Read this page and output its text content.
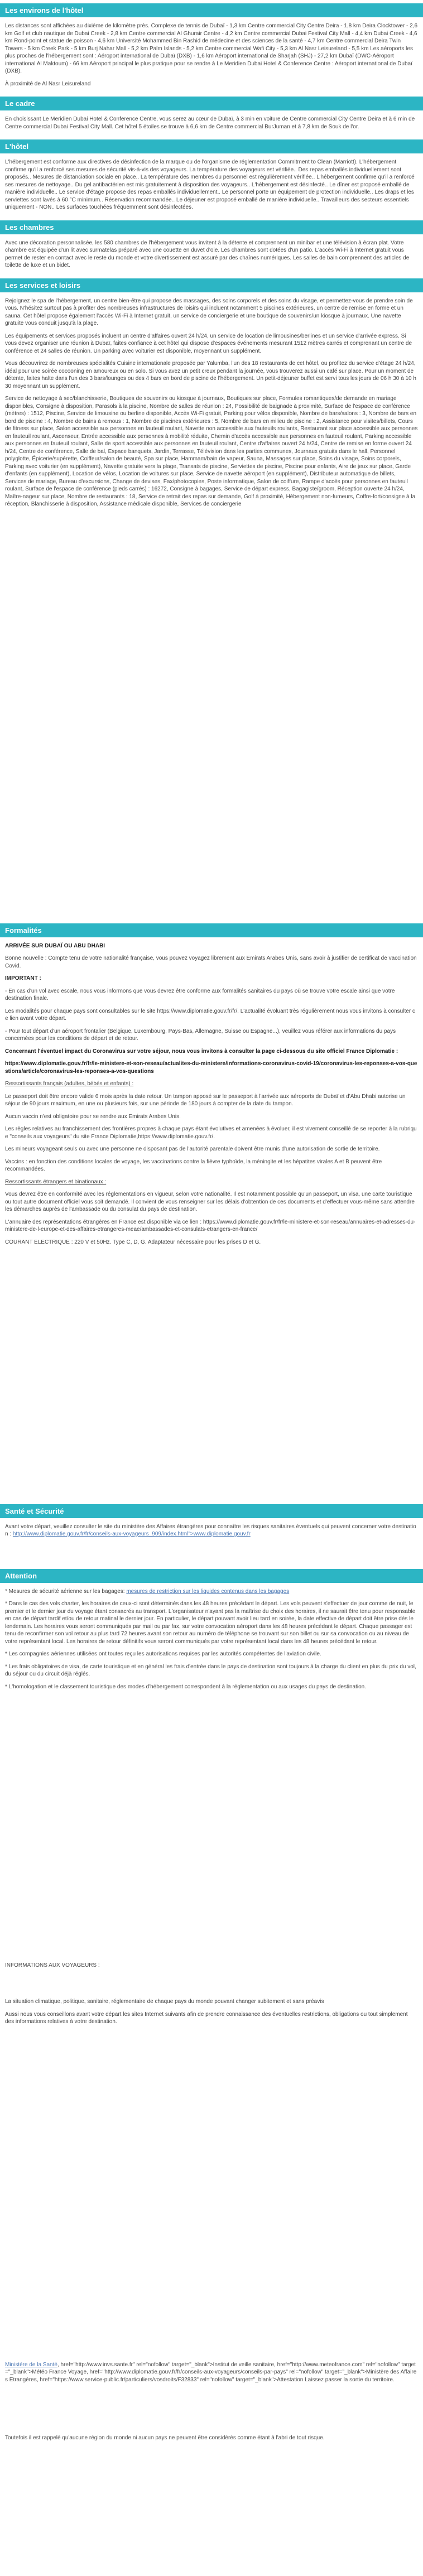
Les environs de l'hôtel

Les distances sont affichées au dixième de kilomètre près. Complexe de tennis de Dubaï - 1,3 km Centre commercial City Centre Deira - 1,8 km Deira Clocktower - 2,6 km Golf et club nautique de Dubai Creek - 2,8 km Centre commercial Al Ghurair Centre - 4,2 km Centre commercial Dubai Festival City Mall - 4,4 km Dubai Creek - 4,6 km Rond-point et statue de poisson - 4,6 km Université Mohammed Bin Rashid de médecine et des sciences de la santé - 4,7 km Centre commercial Deira Twin Towers - 5 km Creek Park - 5 km Burj Nahar Mall - 5,2 km Palm Islands - 5,2 km Centre commercial Wafi City - 5,3 km Al Nasr Leisureland - 5,5 km Les aéroports les plus proches de l'hébergement sont : Aéroport international de Dubaï (DXB) - 1,6 km Aéroport international de Sharjah (SHJ) - 27,2 km Dubaï (DWC-Aéroport international Al Maktoum) - 66 km Aéroport principal le plus pratique pour se rendre à Le Meridien Dubai Hotel & Conference Centre : Aéroport international de Dubaï (DXB).

À proximité de Al Nasr Leisureland

Le cadre

En choisissant Le Meridien Dubai Hotel & Conference Centre, vous serez au cœur de Dubaï, à 3 min en voiture de Centre commercial City Centre Deira et à 6 min de Centre commercial Dubai Festival City Mall. Cet hôtel 5 étoiles se trouve à 6,6 km de Centre commercial BurJuman et à 7,8 km de Souk de l'or.

L'hôtel

L'hébergement est conforme aux directives de désinfection de la marque ou de l'organisme de réglementation Commitment to Clean (Marriott). L'hébergement confirme qu'il a renforcé ses mesures de sécurité vis-à-vis des voyageurs. La température des voyageurs est vérifiée.. Des repas emballés individuellement sont proposés.. Mesures de distanciation sociale en place.. La température des membres du personnel est régulièrement vérifiée.. L'hébergement confirme qu'il a renforcé ses mesures de nettoyage.. Du gel antibactérien est mis gratuitement à disposition des voyageurs.. L'hébergement est désinfecté.. Le dîner est proposé emballé de manière individuelle.. Le service d'étage propose des repas emballés individuellement.. Le personnel porte un équipement de protection individuelle.. Les draps et les serviettes sont lavés à 60 °C minimum.. Réservation recommandée.. Le déjeuner est proposé emballé de manière individuelle.. Travailleurs des secteurs essentiels uniquement - NON.. Les surfaces touchées fréquemment sont désinfectées.

Les chambres

Avec une décoration personnalisée, les 580 chambres de l'hébergement vous invitent à la détente et comprennent un minibar et une télévision à écran plat. Votre chambre est équipée d'un lit avec surmatelas préparé avec une couette en duvet d'oie. Les chambres sont dotées d'un patio. L'accès Wi-Fi à Internet gratuit vous permet de rester en contact avec le reste du monde et votre divertissement est assuré par des chaînes numériques. Les salles de bain comprennent des articles de toilette de luxe et un bidet.

Les services et loisirs

Rejoignez le spa de l'hébergement, un centre bien-être qui propose des massages, des soins corporels et des soins du visage, et permettez-vous de prendre soin de vous. N'hésitez surtout pas à profiter des nombreuses infrastructures de loisirs qui incluent notamment 5 piscines extérieures, un centre de remise en forme et un sauna. Cet hôtel propose également l'accès Wi-Fi à Internet gratuit, un service de conciergerie et une boutique de souvenirs/un kiosque à journaux. Une navette gratuite vous conduit jusqu'à la plage.

Les équipements et services proposés incluent un centre d'affaires ouvert 24 h/24, un service de location de limousines/berlines et un service d'arrivée express. Si vous devez organiser une réunion à Dubaï, faites confiance à cet hôtel qui dispose d'espaces événements mesurant 1512 mètres carrés et comprenant un centre de conférence et 24 salles de réunion. Un parking avec voiturier est disponible, moyennant un supplément.

Vous découvrirez de nombreuses spécialités Cuisine internationale proposée par Yalumba, l'un des 18 restaurants de cet hôtel, ou profitez du service d'étage 24 h/24, idéal pour une soirée cocooning en amoureux ou en solo. Si vous avez un petit creux pendant la journée, vous trouverez aussi un café sur place. Pour un moment de détente, faites halte dans l'un des 3 bars/lounges ou des 4 bars en bord de piscine de l'hébergement. Un petit-déjeuner buffet est servi tous les jours de 06 h 30 à 10 h 30 moyennant un supplément.

Service de nettoyage à sec/blanchisserie, Boutiques de souvenirs ou kiosque à journaux, Boutiques sur place, Formules romantiques/de demande en mariage disponibles, Consigne à disposition, Parasols à la piscine, Nombre de salles de réunion : 24, Possibilité de baignade à proximité, Surface de l'espace de conférence (mètres) : 1512, Piscine, Service de limousine ou berline disponible, Accès Wi-Fi gratuit, Parking pour vélos disponible, Nombre de bars/salons : 3, Nombre de bars en bord de piscine : 4, Nombre de bains à remous : 1, Nombre de piscines extérieures : 5, Nombre de bars en milieu de piscine : 2, Assistance pour visites/billets, Cours de fitness sur place, Salon accessible aux personnes en fauteuil roulant, Navette non accessible aux fauteuils roulants, Restaurant sur place accessible aux personnes en fauteuil roulant, Ascenseur, Entrée accessible aux personnes à mobilité réduite, Chemin d'accès accessible aux personnes en fauteuil roulant, Parking accessible aux personnes en fauteuil roulant, Salle de sport accessible aux personnes en fauteuil roulant, Centre d'affaires ouvert 24 h/24, Centre de remise en forme ouvert 24 h/24, Centre de conférence, Salle de bal, Espace banquets, Jardin, Terrasse, Télévision dans les parties communes, Journaux gratuits dans le hall, Personnel polyglotte, Épicerie/supérette, Coiffeur/salon de beauté, Spa sur place, Hammam/bain de vapeur, Sauna, Massages sur place, Soins du visage, Soins corporels, Parking avec voiturier (en supplément), Navette gratuite vers la plage, Transats de piscine, Serviettes de piscine, Piscine pour enfants, Aire de jeux sur place, Garde d'enfants (en supplément), Location de vélos, Location de voitures sur place, Service de navette aéroport (en supplément), Distributeur automatique de billets, Services de mariage, Bureau d'excursions, Change de devises, Fax/photocopies, Poste informatique, Salon de coiffure, Rampe d'accès pour personnes en fauteuil roulant, Surface de l'espace de conférence (pieds carrés) : 16272, Consigne à bagages, Service de départ express, Bagagiste/groom, Réception ouverte 24 h/24, Maître-nageur sur place, Nombre de restaurants : 18, Service de retrait des repas sur demande, Golf à proximité, Hébergement non-fumeurs, Coffre-fort/consigne à la réception, Blanchisserie à disposition, Assistance médicale disponible, Services de conciergerie

Formalités

ARRIVÉE SUR DUBAÏ OU ABU DHABI

Bonne nouvelle : Compte tenu de votre nationalité française, vous pouvez voyagez librement aux Emirats Arabes Unis, sans avoir à justifier de certificat de vaccination Covid.

IMPORTANT :

- En cas d'un vol avec escale, nous vous informons que vous devrez être conforme aux formalités sanitaires du pays où se trouve votre escale ainsi que votre destination finale.

Les modalités pour chaque pays sont consultables sur le site https://www.diplomatie.gouv.fr/fr/. L'actualité évoluant très régulièrement nous vous invitons à consulter ce lien avant votre départ.

- Pour tout départ d'un aéroport frontalier (Belgique, Luxembourg, Pays-Bas, Allemagne, Suisse ou Espagne...), veuillez vous référer aux informations du pays concernées pour les conditions de départ et de retour.

Concernant l'éventuel impact du Coronavirus sur votre séjour, nous vous invitons à consulter la page ci-dessous du site officiel France Diplomatie :

https://www.diplomatie.gouv.fr/fr/le-ministere-et-son-reseau/actualites-du-ministere/informations-coronavirus-covid-19/coronavirus-les-reponses-a-vos-questions/article/coronavirus-les-reponses-a-vos-questions

Ressortissants français (adultes, bébés et enfants) :

Le passeport doit être encore valide 6 mois après la date retour. Un tampon apposé sur le passeport à l'arrivée aux aéroports de Dubaï et d'Abu Dhabi autorise un séjour de 90 jours maximum, en une ou plusieurs fois, sur une période de 180 jours à compter de la date du tampon.

Aucun vaccin n'est obligatoire pour se rendre aux Emirats Arabes Unis.

Les règles relatives au franchissement des frontières propres à chaque pays étant évolutives et amenées à évoluer, il est vivement conseillé de se reporter à la rubrique "conseils aux voyageurs" du site France Diplomatie,https://www.diplomatie.gouv.fr/.

Les mineurs voyageant seuls ou avec une personne ne disposant pas de l'autorité parentale doivent être munis d'une autorisation de sortie de territoire.

Vaccins : en fonction des conditions locales de voyage, les vaccinations contre la fièvre typhoïde, la méningite et les hépatites virales A et B peuvent être recommandées.

Ressortissants étrangers et binationaux :

Vous devrez être en conformité avec les réglementations en vigueur, selon votre nationalité. Il est notamment possible qu'un passeport, un visa, une carte touristique ou tout autre document officiel vous soit demandé. Il convient de vous renseigner sur les délais d'obtention de ces documents et d'effectuer vous-même sans attendre les démarches auprès de l'ambassade ou du consulat du pays de destination.

L'annuaire des représentations étrangères en France est disponible via ce lien : https://www.diplomatie.gouv.fr/fr/le-ministere-et-son-reseau/annuaires-et-adresses-du-ministere-de-l-europe-et-des-affaires-etrangeres-meae/ambassades-et-consulats-etrangers-en-france/

COURANT ELECTRIQUE : 220 V et 50Hz. Type C, D, G. Adaptateur nécessaire pour les prises D et G.

Santé et Sécurité

Avant votre départ, veuillez consulter le site du ministère des Affaires étrangères pour connaître les risques sanitaires éventuels qui peuvent concerner votre destination : http://www.diplomatie.gouv.fr/fr/conseils-aux-voyageurs_909/index.html">www.diplomatie.gouv.fr

Attention

* Mesures de sécurité aérienne sur les bagages: mesures de restriction sur les liquides contenus dans les bagages

* Dans le cas des vols charter, les horaires de ceux-ci sont déterminés dans les 48 heures précédant le départ. Les vols peuvent s'effectuer de jour comme de nuit, le premier et le dernier jour du voyage étant consacrés au transport. L'organisateur n'ayant pas la maîtrise du choix des horaires, il ne saurait être tenu pour responsable en cas de départ tardif et/ou de retour matinal le dernier jour. En particulier, le départ pouvant avoir lieu tard en soirée, la date effective de départ doit être prise dès le lendemain. Les horaires vous seront communiqués par mail ou par fax, sur votre convocation aéroport dans les 48 heures précédant le départ. Chaque passager est tenu de reconfirmer son vol retour au plus tard 72 heures avant son retour au numéro de téléphone se trouvant sur son billet ou sur sa convocation ou au niveau de votre représentant local. Les horaires de retour définitifs vous seront communiqués par votre représentant local dans les 48 heures précédant le retour.

* Les compagnies aériennes utilisées ont toutes reçu les autorisations requises par les autorités compétentes de l'aviation civile.

* Les frais obligatoires de visa, de carte touristique et en général les frais d'entrée dans le pays de destination sont toujours à la charge du client en plus du prix du vol, du séjour ou du circuit déjà réglés.

* L'homologation et le classement touristique des modes d'hébergement correspondent à la réglementation ou aux usages du pays de destination.

INFORMATIONS AUX VOYAGEURS :

La situation climatique, politique, sanitaire, réglementaire de chaque pays du monde pouvant changer subitement et sans préavis

Aussi nous vous conseillons avant votre départ les sites Internet suivants afin de prendre connaissance des éventuelles restrictions, obligations ou tout simplement des informations relatives à votre destination.

Ministère de la Santé, href="http://www.invs.sante.fr" rel="nofollow" target="_blank">Institut de veille sanitaire, href="http://www.meteofrance.com" rel="nofollow" target="_blank">Météo France Voyage, href="http://www.diplomatie.gouv.fr/fr/conseils-aux-voyageurs/conseils-par-pays" rel="nofollow" target="_blank">Ministère des Affaires Etrangères, href="https://www.service-public.fr/particuliers/vosdroits/F32833" rel="nofollow" target="_blank">Attestation Laissez passer la sortie du territoire.

Toutefois il est rappelé qu'aucune région du monde ni aucun pays ne peuvent être considérés comme étant à l'abri de tout risque.
